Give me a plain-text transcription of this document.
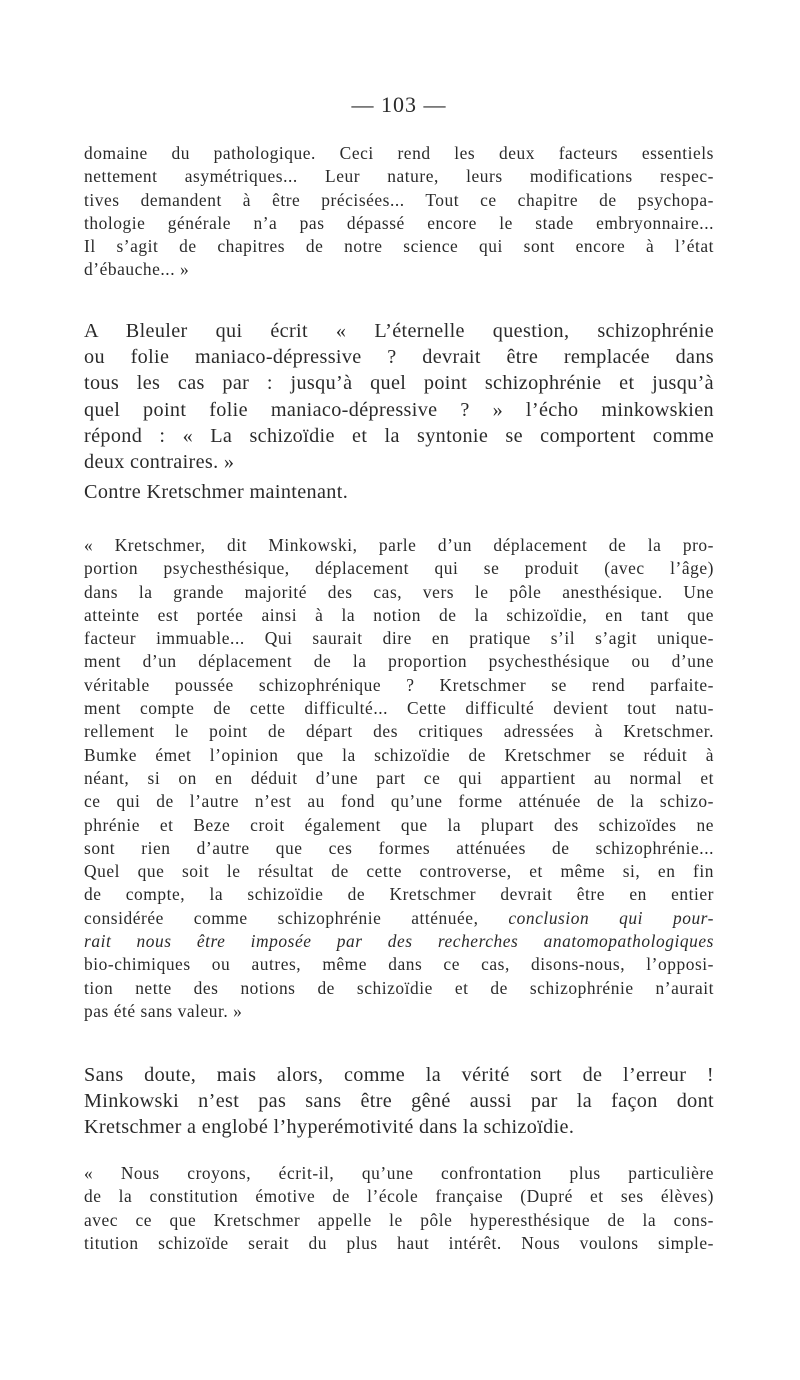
— 103 —

domaine du pathologique. Ceci rend les deux facteurs essentiels
nettement asymétriques... Leur nature, leurs modifications respec-
tives demandent à être précisées... Tout ce chapitre de psychopa-
thologie générale n’a pas dépassé encore le stade embryonnaire...
Il s’agit de chapitres de notre science qui sont encore à l’état
d’ébauche... »

A Bleuler qui écrit « L’éternelle question, schizophrénie
ou folie maniaco-dépressive ? devrait être remplacée dans
tous les cas par : jusqu’à quel point schizophrénie et jusqu’à
quel point folie maniaco-dépressive ? » l’écho minkowskien
répond : « La schizoïdie et la syntonie se comportent comme
deux contraires. »

Contre Kretschmer maintenant.

« Kretschmer, dit Minkowski, parle d’un déplacement de la pro-
portion psychesthésique, déplacement qui se produit (avec l’âge)
dans la grande majorité des cas, vers le pôle anesthésique. Une
atteinte est portée ainsi à la notion de la schizoïdie, en tant que
facteur immuable... Qui saurait dire en pratique s’il s’agit unique-
ment d’un déplacement de la proportion psychesthésique ou d’une
véritable poussée schizophrénique ? Kretschmer se rend parfaite-
ment compte de cette difficulté... Cette difficulté devient tout natu-
rellement le point de départ des critiques adressées à Kretschmer.
Bumke émet l’opinion que la schizoïdie de Kretschmer se réduit à
néant, si on en déduit d’une part ce qui appartient au normal et
ce qui de l’autre n’est au fond qu’une forme atténuée de la schizo-
phrénie et Beze croit également que la plupart des schizoïdes ne
sont rien d’autre que ces formes atténuées de schizophrénie...
Quel que soit le résultat de cette controverse, et même si, en fin
de compte, la schizoïdie de Kretschmer devrait être en entier
considérée comme schizophrénie atténuée, conclusion qui pour-
rait nous être imposée par des recherches anatomopathologiques
bio-chimiques ou autres, même dans ce cas, disons-nous, l’opposi-
tion nette des notions de schizoïdie et de schizophrénie n’aurait
pas été sans valeur. »

Sans doute, mais alors, comme la vérité sort de l’erreur !
Minkowski n’est pas sans être gêné aussi par la façon dont
Kretschmer a englobé l’hyperémotivité dans la schizoïdie.

« Nous croyons, écrit-il, qu’une confrontation plus particulière
de la constitution émotive de l’école française (Dupré et ses élèves)
avec ce que Kretschmer appelle le pôle hyperesthésique de la cons-
titution schizoïde serait du plus haut intérêt. Nous voulons simple-
